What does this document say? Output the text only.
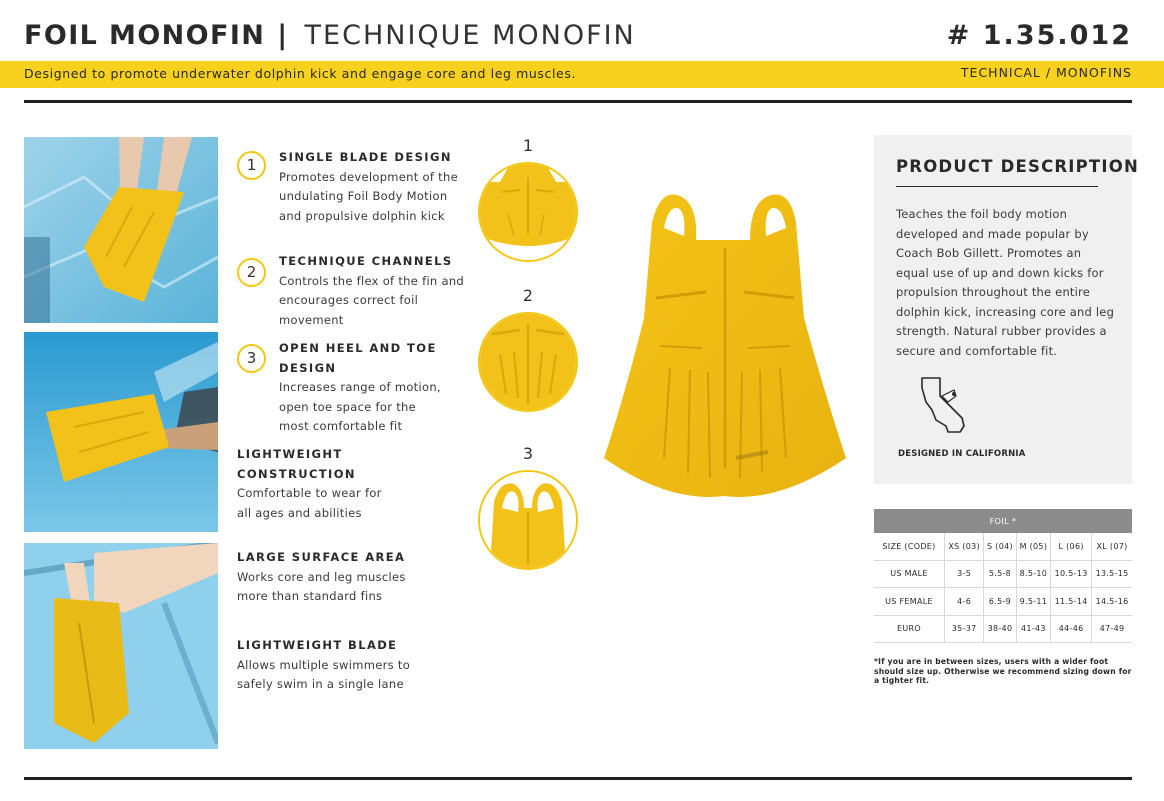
FOIL MONOFIN | TECHNIQUE MONOFIN	# 1.35.012
Designed to promote underwater dolphin kick and engage core and leg muscles.	TECHNICAL / MONOFINS
1	SINGLE BLADE DESIGN
Promotes development of the
undulating Foil Body Motion
and propulsive dolphin kick
2
TECHNIQUE CHANNELS
Controls the flex of the fin and
encourages correct foil movement
3
OPEN HEEL AND TOE DESIGN
Increases range of motion,
open toe space for the
most comfortable fit
LIGHTWEIGHT
CONSTRUCTION
Comfortable to wear for
all ages and abilities
LARGE SURFACE AREA
Works core and leg muscles
more than standard fins
LIGHTWEIGHT BLADE
Allows multiple swimmers to
safely swim in a single lane
1
2
3
PRODUCT DESCRIPTION
Teaches the foil body motion
developed and made popular by
Coach Bob Gillett. Promotes an
equal use of up and down kicks for
propulsion throughout the entire
dolphin kick, increasing core and leg
strength. Natural rubber provides a
secure and comfortable fit.
DESIGNED IN CALIFORNIA
FOIL *					
SIZE (CODE)	XS (03)	S (04)	M (05)	L (06)	XL (07)
US MALE	3-5	5.5-8	8.5-10	10.5-13	13.5-15
US FEMALE	4-6	6.5-9	9.5-11	11.5-14	14.5-16
EURO	35-37	38-40	41-43	44-46	47-49
*If you are in between sizes, users with a wider foot should size up. Otherwise we recommend sizing down for a tighter fit.
